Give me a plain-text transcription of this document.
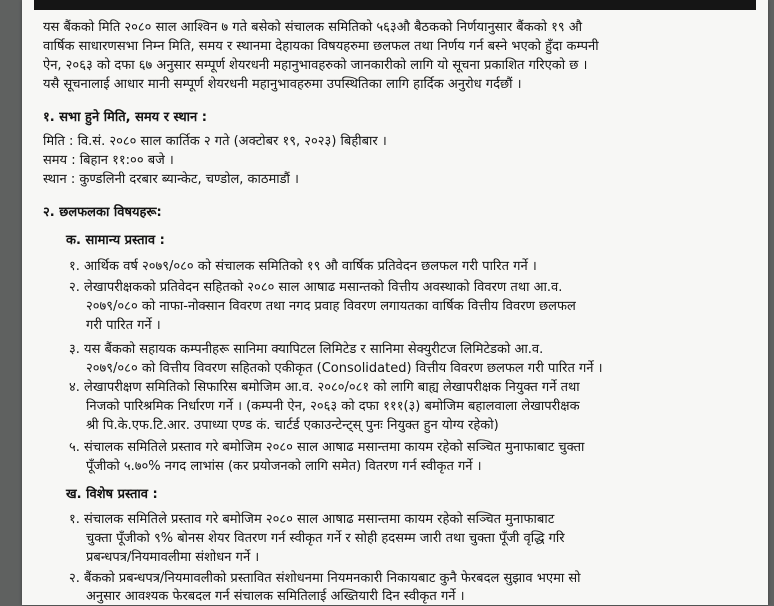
यस बैंकको मिति २०८० साल आश्विन ७ गते बसेको संचालक समितिको ५६३औ बैठकको निर्णयानुसार बैंकको १९ औ
वार्षिक साधारणसभा निम्न मिति, समय र स्थानमा देहायका विषयहरुमा छलफल तथा निर्णय गर्न बस्ने भएको हुँदा कम्पनी
ऐन, २०६३ को दफा ६७ अनुसार सम्पूर्ण शेयरधनी महानुभावहरुको जानकारीको लागि यो सूचना प्रकाशित गरिएको छ ।
यसै सूचनालाई आधार मानी सम्पूर्ण शेयरधनी महानुभावहरुमा उपस्थितिका लागि हार्दिक अनुरोध गर्दछौं ।
१. सभा हुने मिति, समय र स्थान :
मिति : वि.सं. २०८० साल कार्तिक २ गते (अक्टोबर १९, २०२३) बिहीबार ।
समय : बिहान ११:०० बजे ।
स्थान : कुण्डलिनी दरबार ब्यान्केट, चण्डोल, काठमाडौं ।
२. छलफलका विषयहरू:
क. सामान्य प्रस्ताव :
१. आर्थिक वर्ष २०७९/०८० को संचालक समितिको १९ औ वार्षिक प्रतिवेदन छलफल गरी पारित गर्ने ।
२. लेखापरीक्षकको प्रतिवेदन सहितको २०८० साल आषाढ मसान्तको वित्तीय अवस्थाको विवरण तथा आ.व.
२०७९/०८० को नाफा-नोक्सान विवरण तथा नगद प्रवाह विवरण लगायतका वार्षिक वित्तीय विवरण छलफल
गरी पारित गर्ने ।
३. यस बैंकको सहायक कम्पनीहरू सानिमा क्यापिटल लिमिटेड र सानिमा सेक्युरीटज लिमिटेडको आ.व.
२०७९/०८० को वित्तीय विवरण सहितको एकीकृत (Consolidated) वित्तीय विवरण छलफल गरी पारित गर्ने ।
४. लेखापरीक्षण समितिको सिफारिस बमोजिम आ.व. २०८०/०८१ को लागि बाह्य लेखापरीक्षक नियुक्त गर्ने तथा
निजको पारिश्रमिक निर्धारण गर्ने । (कम्पनी ऐन, २०६३ को दफा १११(३) बमोजिम बहालवाला लेखापरीक्षक
श्री पि.के.एफ.टि.आर. उपाध्या एण्ड कं. चार्टर्ड एकाउन्टेन्ट्स् पुनः नियुक्त हुन योग्य रहेको)
५. संचालक समितिले प्रस्ताव गरे बमोजिम २०८० साल आषाढ मसान्तमा कायम रहेको सञ्चित मुनाफाबाट चुक्ता
पूँजीको ५.७०% नगद लाभांस (कर प्रयोजनको लागि समेत) वितरण गर्न स्वीकृत गर्ने ।
ख. विशेष प्रस्ताव :
१. संचालक समितिले प्रस्ताव गरे बमोजिम २०८० साल आषाढ मसान्तमा कायम रहेको सञ्चित मुनाफाबाट
चुक्ता पूँजीको ९% बोनस शेयर वितरण गर्न स्वीकृत गर्ने र सोही हदसम्म जारी तथा चुक्ता पूँजी वृद्धि गरि
प्रबन्धपत्र/नियमावलीमा संशोधन गर्ने ।
२. बैंकको प्रबन्धपत्र/नियमावलीको प्रस्तावित संशोधनमा नियमनकारी निकायबाट कुनै फेरबदल सुझाव भएमा सो
अनुसार आवश्यक फेरबदल गर्न संचालक समितिलाई अख्तियारी दिन स्वीकृत गर्ने ।
